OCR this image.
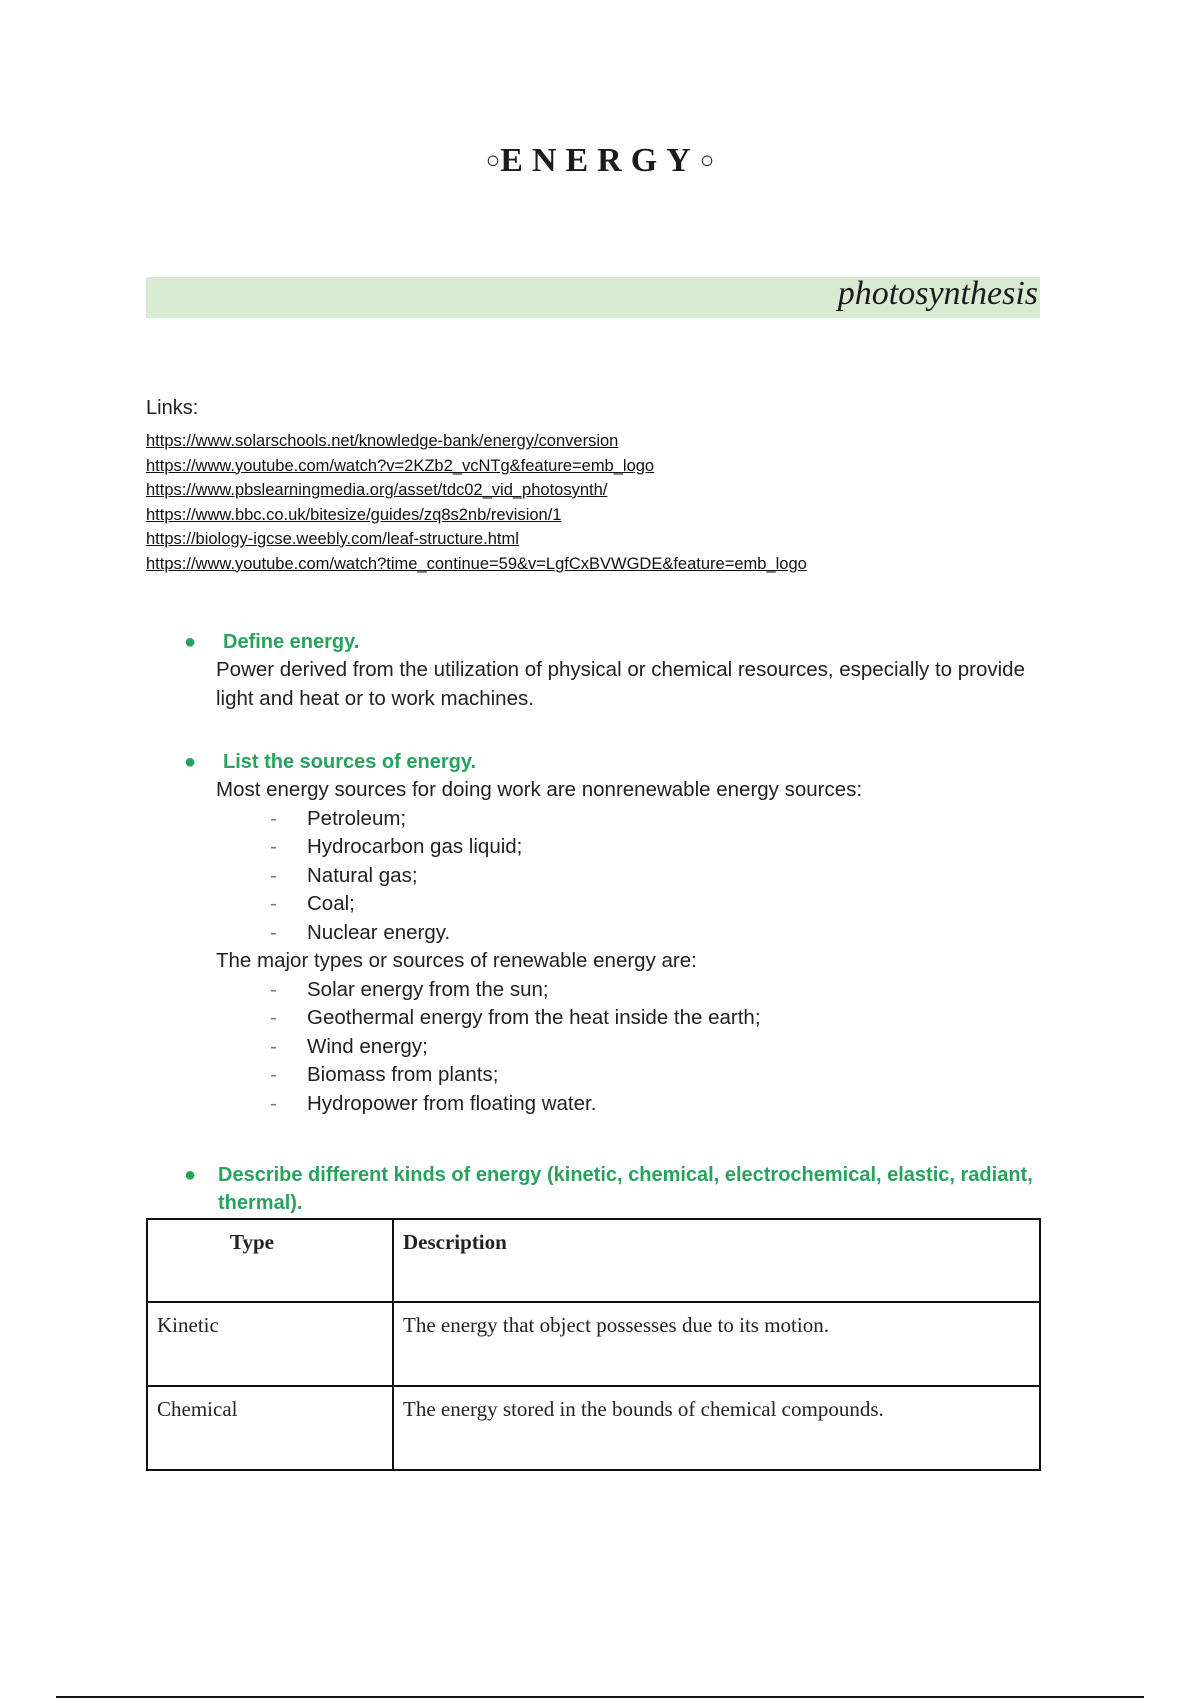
○ENERGY○
photosynthesis
Links:
https://www.solarschools.net/knowledge-bank/energy/conversion
https://www.youtube.com/watch?v=2KZb2_vcNTg&feature=emb_logo
https://www.pbslearningmedia.org/asset/tdc02_vid_photosynth/
https://www.bbc.co.uk/bitesize/guides/zq8s2nb/revision/1
https://biology-igcse.weebly.com/leaf-structure.html
https://www.youtube.com/watch?time_continue=59&v=LgfCxBVWGDE&feature=emb_logo
●	Define energy.
Power derived from the utilization of physical or chemical resources, especially to provide light and heat or to work machines.
●	List the sources of energy.
Most energy sources for doing work are nonrenewable energy sources:
- Petroleum;
- Hydrocarbon gas liquid;
- Natural gas;
- Coal;
- Nuclear energy.
The major types or sources of renewable energy are:
- Solar energy from the sun;
- Geothermal energy from the heat inside the earth;
- Wind energy;
- Biomass from plants;
- Hydropower from floating water.
●	Describe different kinds of energy (kinetic, chemical, electrochemical, elastic, radiant, thermal).
Type	Description
Kinetic	The energy that object possesses due to its motion.
Chemical	The energy stored in the bounds of chemical compounds.
